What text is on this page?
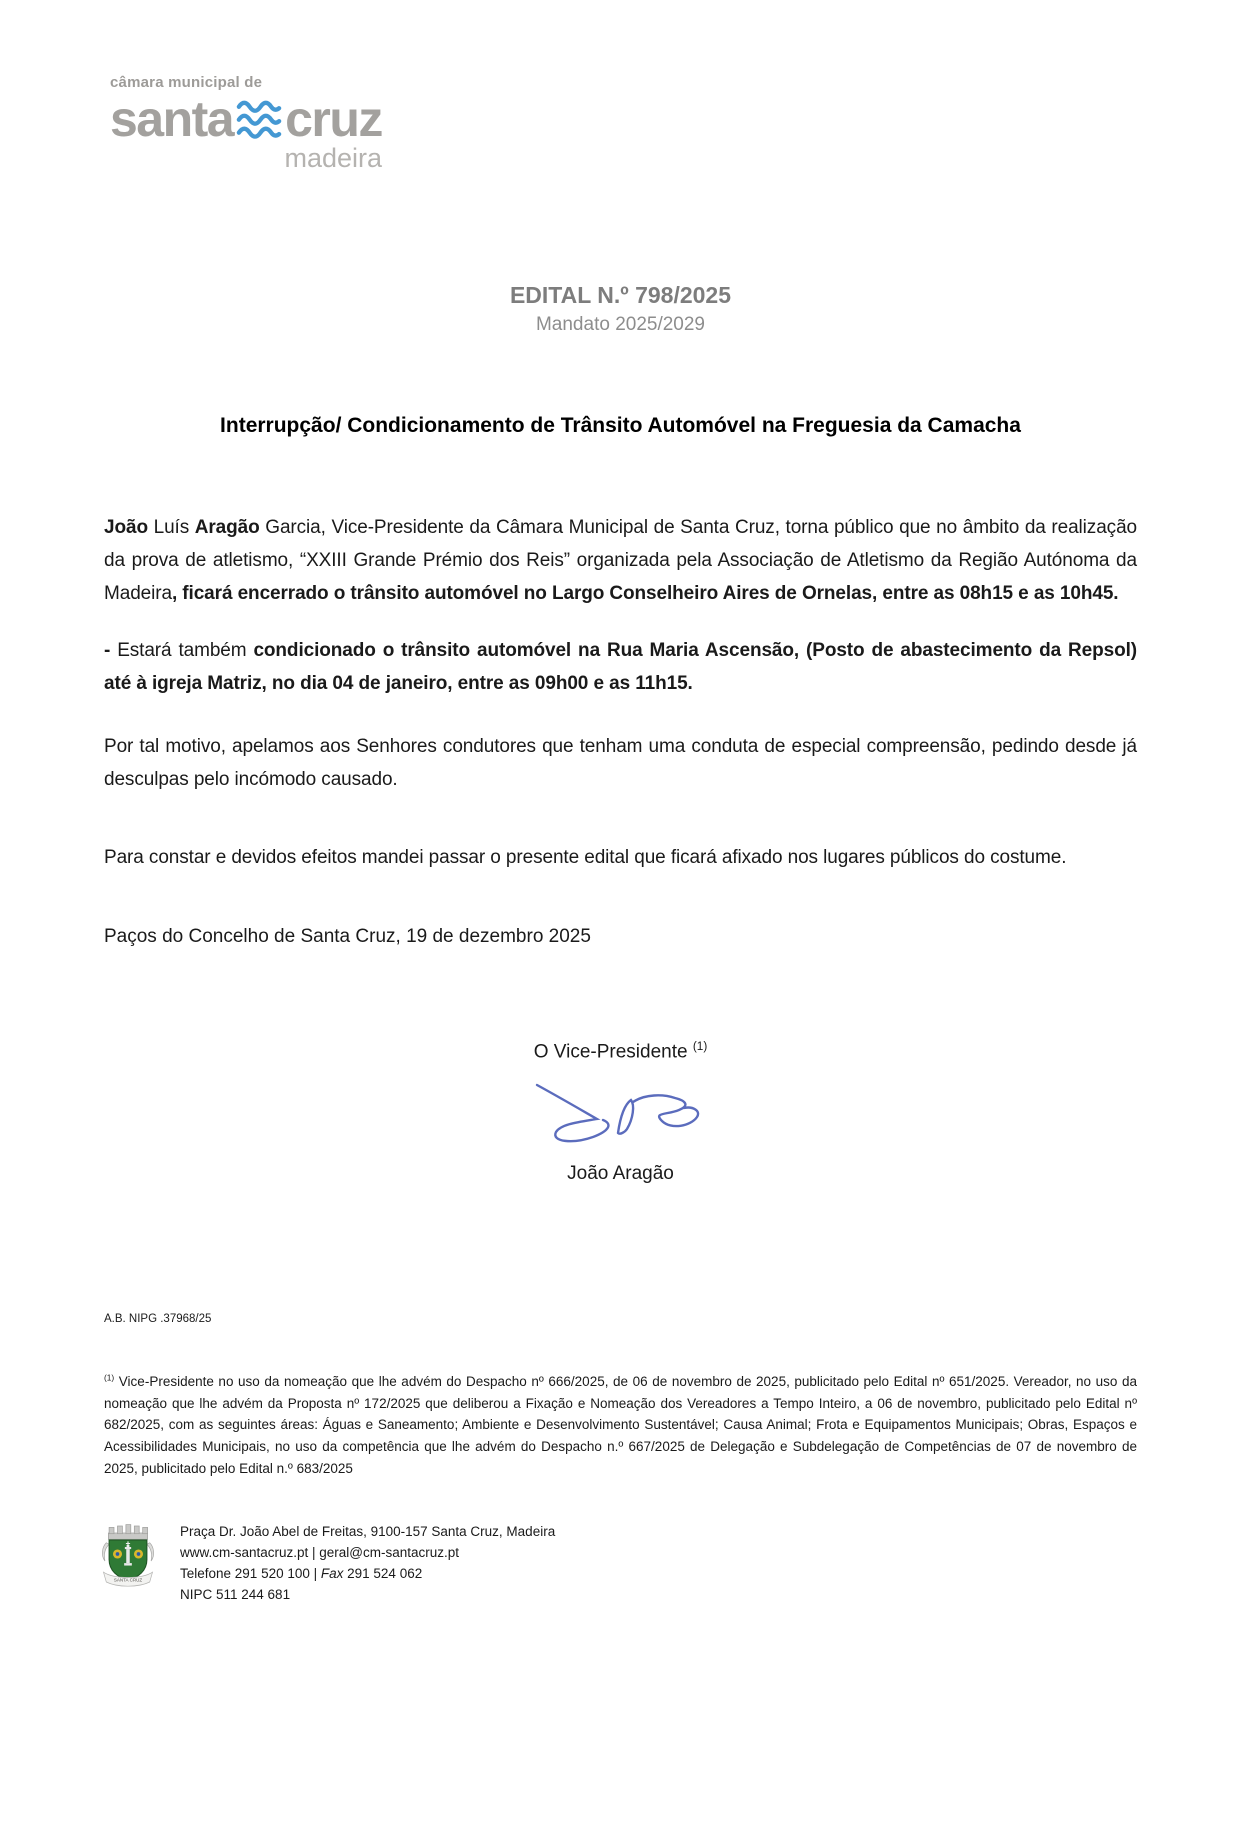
câmara municipal de
santa cruz
madeira
EDITAL N.º 798/2025
Mandato 2025/2029
Interrupção/ Condicionamento de Trânsito Automóvel na Freguesia da Camacha

João Luís Aragão Garcia, Vice-Presidente da Câmara Municipal de Santa Cruz, torna público que no âmbito da realização da prova de atletismo, “XXIII Grande Prémio dos Reis” organizada pela Associação de Atletismo da Região Autónoma da Madeira, ficará encerrado o trânsito automóvel no Largo Conselheiro Aires de Ornelas, entre as 08h15 e as 10h45.

- Estará também condicionado o trânsito automóvel na Rua Maria Ascensão, (Posto de abastecimento da Repsol) até à igreja Matriz, no dia 04 de janeiro, entre as 09h00 e as 11h15.

Por tal motivo, apelamos aos Senhores condutores que tenham uma conduta de especial compreensão, pedindo desde já desculpas pelo incómodo causado.

Para constar e devidos efeitos mandei passar o presente edital que ficará afixado nos lugares públicos do costume.

Paços do Concelho de Santa Cruz, 19 de dezembro 2025

O Vice-Presidente $^{(1)}$
João Aragão
A.B. NIPG .37968/25
$^{(1)}$ Vice-Presidente no uso da nomeação que lhe advém do Despacho nº 666/2025, de 06 de novembro de 2025, publicitado pelo Edital nº 651/2025. Vereador, no uso da nomeação que lhe advém da Proposta nº 172/2025 que deliberou a Fixação e Nomeação dos Vereadores a Tempo Inteiro, a 06 de novembro, publicitado pelo Edital nº 682/2025, com as seguintes áreas: Águas e Saneamento; Ambiente e Desenvolvimento Sustentável; Causa Animal; Frota e Equipamentos Municipais; Obras, Espaços e Acessibilidades Municipais, no uso da competência que lhe advém do Despacho n.º 667/2025 de Delegação e Subdelegação de Competências de 07 de novembro de 2025, publicitado pelo Edital n.º 683/2025
SANTA CRUZ
Praça Dr. João Abel de Freitas, 9100-157 Santa Cruz, Madeira
www.cm-santacruz.pt | geral@cm-santacruz.pt
Telefone 291 520 100 | Fax 291 524 062
NIPC 511 244 681
